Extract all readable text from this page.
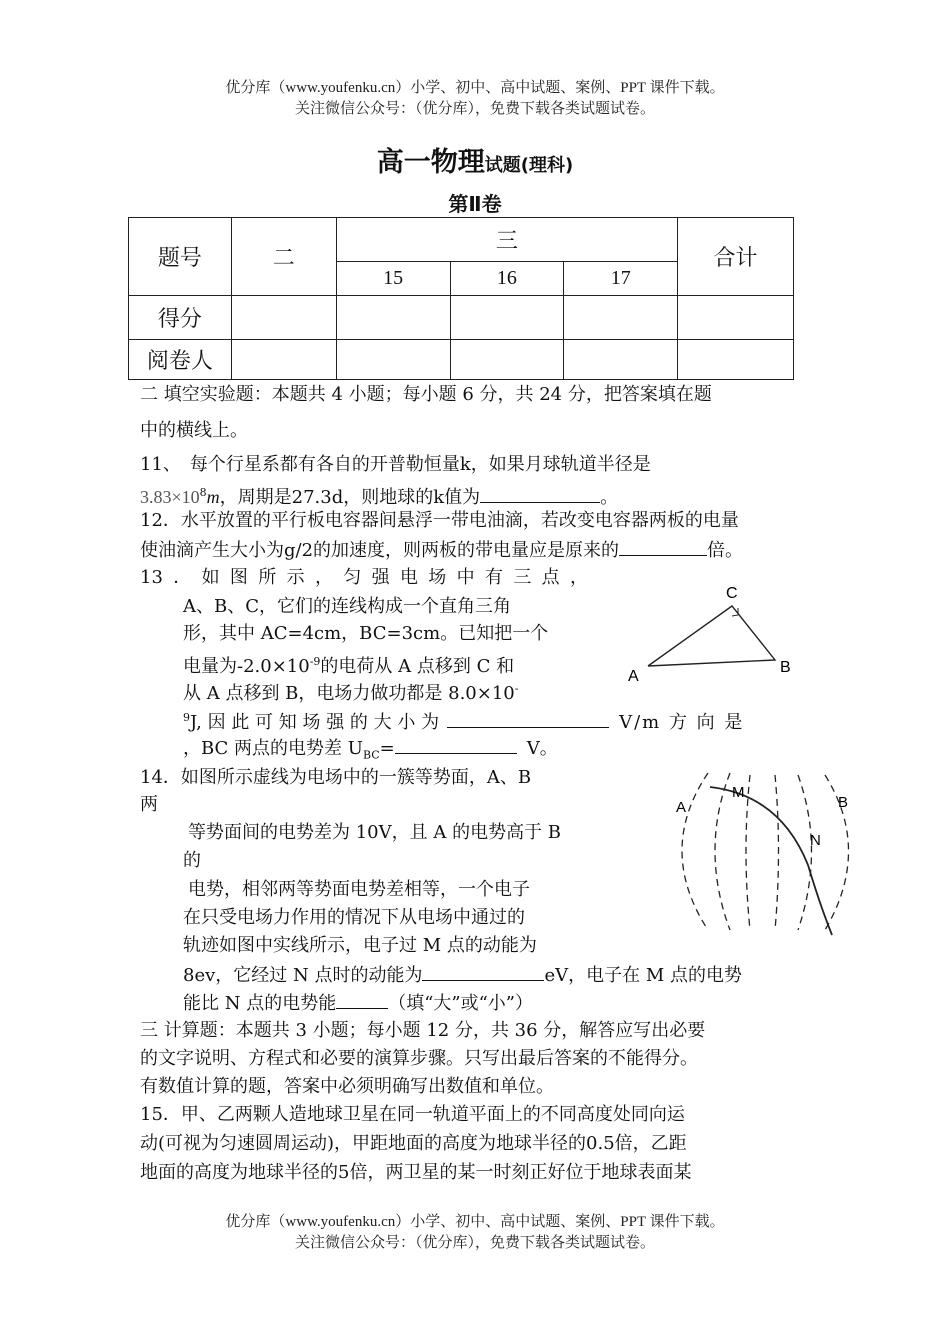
优分库（www.youfenku.cn）小学、初中、高中试题、案例、PPT 课件下载。
关注微信公众号：（优分库），免费下载各类试题试卷。
高一物理试题(理科)
第Ⅱ卷
题号	二	三			合计
		15	16	17	
得分					
阅卷人					
二 填空实验题：本题共 4 小题；每小题 6 分，共 24 分，把答案填在题
中的横线上。
11、　每个行星系都有各自的开普勒恒量k，如果月球轨道半径是
$3.83\times 10^8m$，周期是27.3d，则地球的k值为	。
12．水平放置的平行板电容器间悬浮一带电油滴，若改变电容器两板的电量
使油滴产生大小为g/2的加速度，则两板的带电量应是原来的	倍。
13．如图所示，匀强电场中有三点，
A、B、C，它们的连线构成一个直角三角
形，其中 AC=4cm，BC=3cm。已知把一个
电量为$-2.0\times 10^{-9}$的电荷从 A 点移到 C 和
从 A 点移到 B，电场力做功都是 8.0×10-
$^9$J, 因 此 可 知 场 强 的 大 小 为	V/m 方 向 是
，BC 两点的电势差 $U_{BC}=$	V。
A
C
B
14．如图所示虚线为电场中的一簇等势面，A、B
两
等势面间的电势差为 10V，且 A 的电势高于 B
的
电势，相邻两等势面电势差相等，一个电子
在只受电场力作用的情况下从电场中通过的
轨迹如图中实线所示，电子过 M 点的动能为
8ev，它经过 N 点时的动能为	eV，电子在 M 点的电势
能比 N 点的电势能	（填“大”或“小”）
A
M
B
N
三 计算题：本题共 3 小题；每小题 12 分，共 36 分，解答应写出必要
的文字说明、方程式和必要的演算步骤。只写出最后答案的不能得分。
有数值计算的题，答案中必须明确写出数值和单位。
15．甲、乙两颗人造地球卫星在同一轨道平面上的不同高度处同向运
动(可视为匀速圆周运动)，甲距地面的高度为地球半径的0.5倍，乙距
地面的高度为地球半径的5倍，两卫星的某一时刻正好位于地球表面某
优分库（www.youfenku.cn）小学、初中、高中试题、案例、PPT 课件下载。
关注微信公众号：（优分库），免费下载各类试题试卷。
